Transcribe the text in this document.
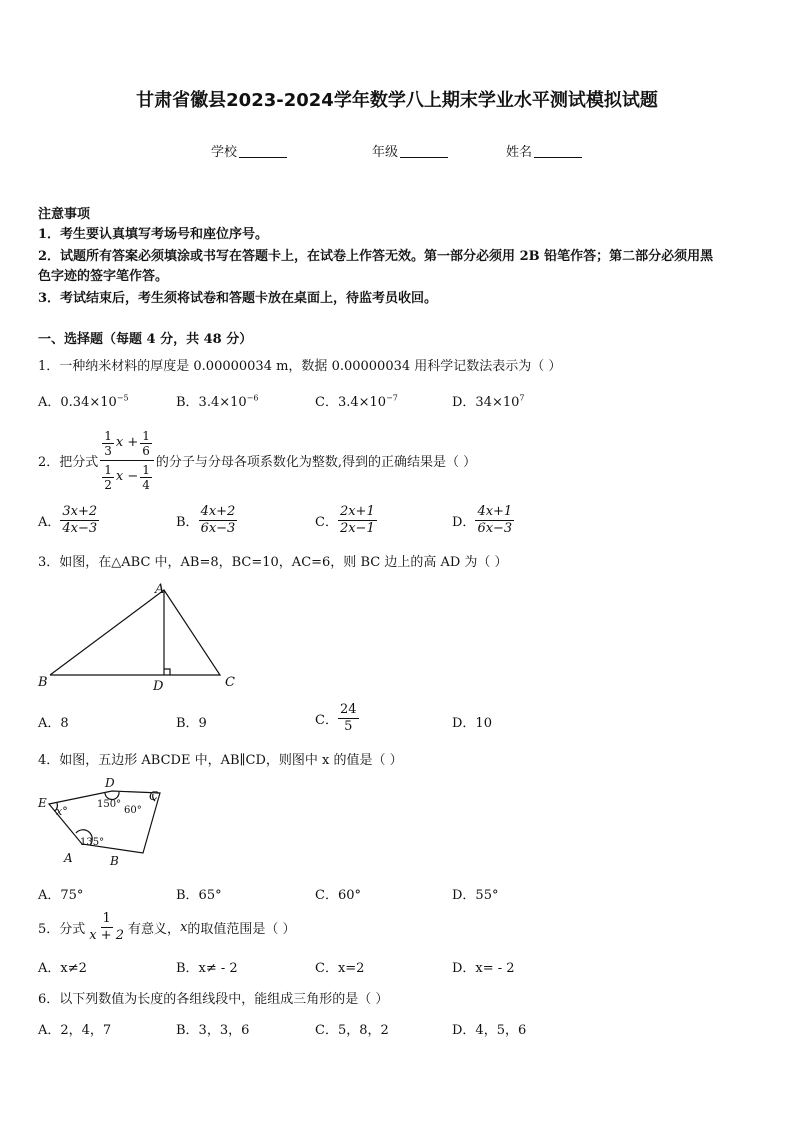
甘肃省徽县2023-2024学年数学八上期末学业水平测试模拟试题
学校	年级	姓名
注意事项
1．考生要认真填写考场号和座位序号。
2．试题所有答案必须填涂或书写在答题卡上，在试卷上作答无效。第一部分必须用 2B 铅笔作答；第二部分必须用黑
色字迹的签字笔作答。
3．考试结束后，考生须将试卷和答题卡放在桌面上，待监考员收回。
一、选择题（每题 4 分，共 48 分）
1．一种纳米材料的厚度是 0.00000034 m，数据 0.00000034 用科学记数法表示为（ ）
A．$0.34\times 10^{-5}$	B．$3.4\times 10^{-6}$	C．$3.4\times 10^{-7}$	D．$34\times 10^7$
2．把分式 $\frac{\frac{1}{3} x + \frac{1}{6}}{\frac{1}{2} x - \frac{1}{4}}$ 的分子与分母各项系数化为整数,得到的正确结果是（ ）
A． $\frac{3x+2}{4x-3}$	B． $\frac{4x+2}{6x-3}$	C． $\frac{2x+1}{2x-1}$	D． $\frac{4x+1}{6x-3}$
3．如图，在△ABC 中，AB=8，BC=10，AC=6，则 BC 边上的高 AD 为（ ）
A
B	C
D
A．8	B．9	C． $\frac{24}{5}$	D．10
4．如图，五边形 ABCDE 中，AB∥CD，则图中 x 的值是（ ）
E
D
C
A	B
x°
150°
60°
135°
A．75°	B．65°	C．60°	D．55°
5．分式 $\frac{1}{x + 2}$ 有意义， x 的取值范围是（ ）
A．x≠2	B．x≠ - 2	C．x=2	D．x= - 2
6．以下列数值为长度的各组线段中，能组成三角形的是（ ）
A．2，4，7	B．3，3，6	C．5，8，2	D．4，5，6
